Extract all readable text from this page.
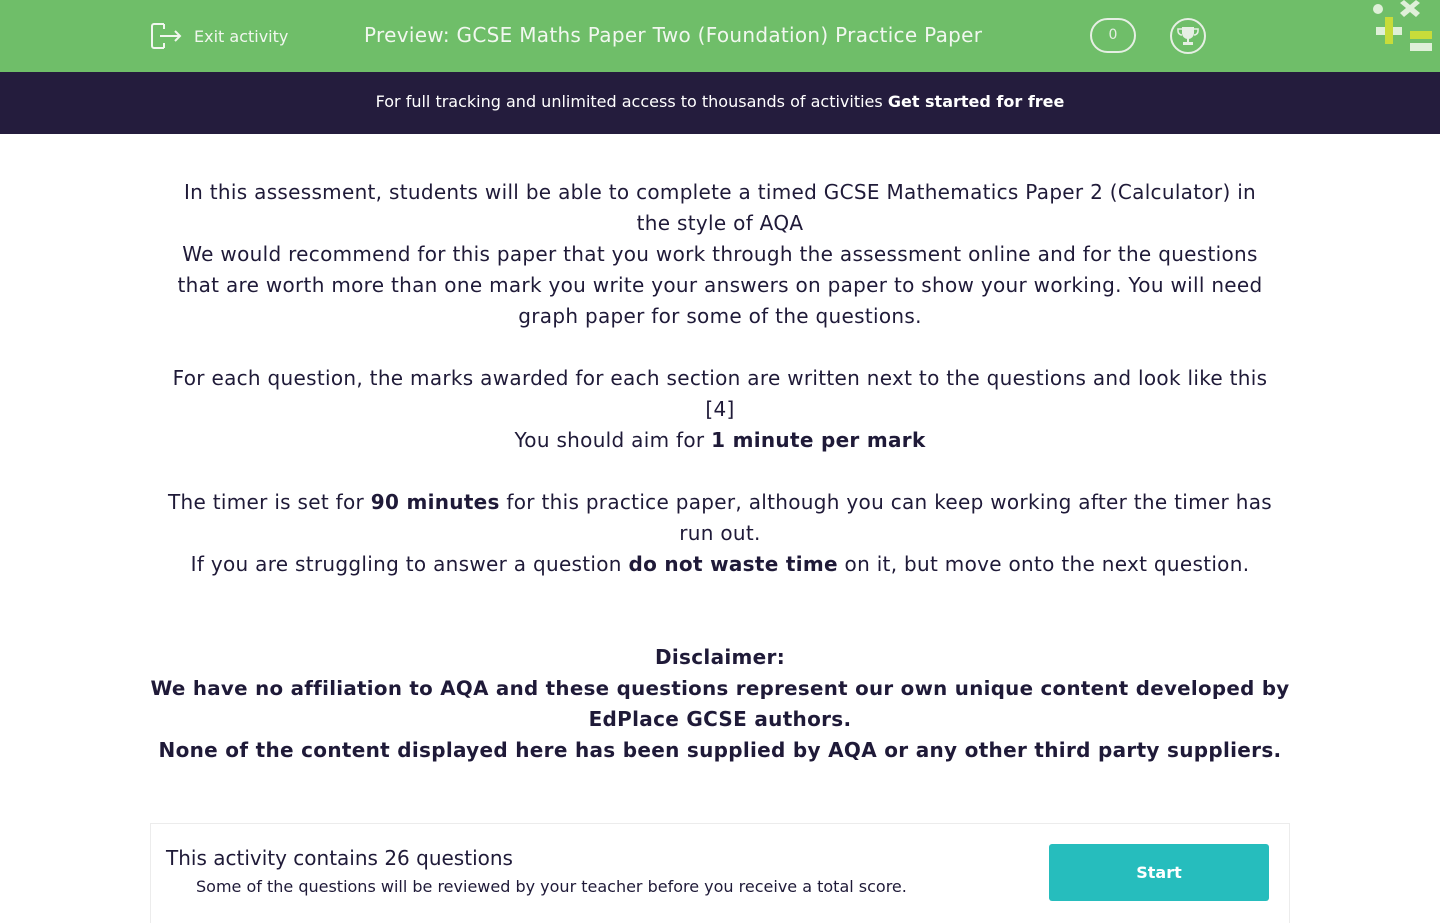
Exit activity	Preview: GCSE Maths Paper Two (Foundation) Practice Paper	0
For full tracking and unlimited access to thousands of activities Get started for free
In this assessment, students will be able to complete a timed GCSE Mathematics Paper 2 (Calculator) in
the style of AQA
We would recommend for this paper that you work through the assessment online and for the questions
that are worth more than one mark you write your answers on paper to show your working. You will need
graph paper for some of the questions.
For each question, the marks awarded for each section are written next to the questions and look like this
[4]
You should aim for 1 minute per mark
The timer is set for 90 minutes for this practice paper, although you can keep working after the timer has
run out.
If you are struggling to answer a question do not waste time on it, but move onto the next question.
Disclaimer:
We have no affiliation to AQA and these questions represent our own unique content developed by
EdPlace GCSE authors.
None of the content displayed here has been supplied by AQA or any other third party suppliers.
This activity contains 26 questions
Some of the questions will be reviewed by your teacher before you receive a total score.
Start
